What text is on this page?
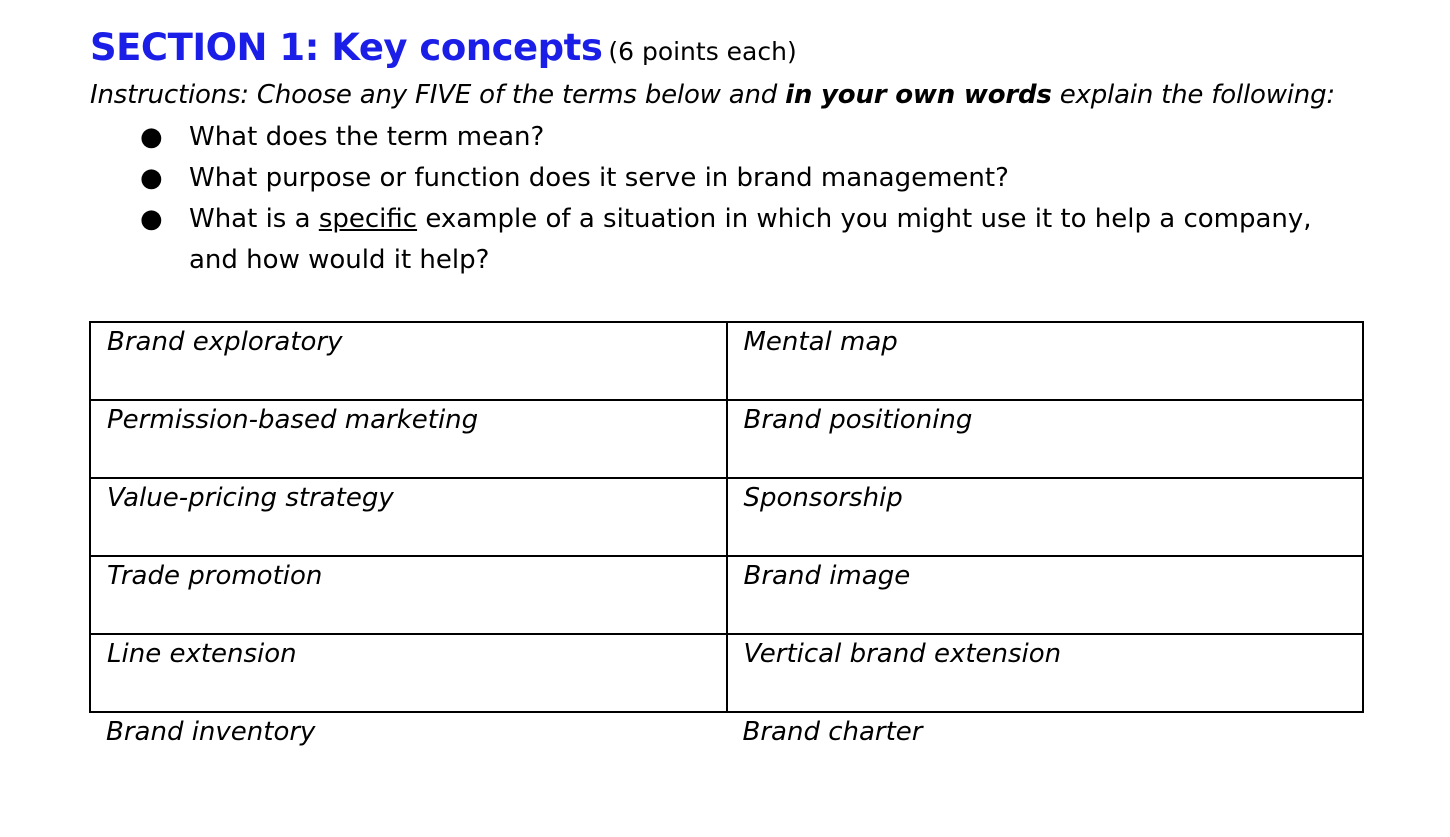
SECTION 1: Key concepts (6 points each)
Instructions: Choose any FIVE of the terms below and in your own words explain the following:
● What does the term mean?
● What purpose or function does it serve in brand management?
● What is a specific example of a situation in which you might use it to help a company, and how would it help?
Brand exploratory	Mental map
Permission-based marketing	Brand positioning
Value-pricing strategy	Sponsorship
Trade promotion	Brand image
Line extension	Vertical brand extension
Brand inventory	Brand charter
